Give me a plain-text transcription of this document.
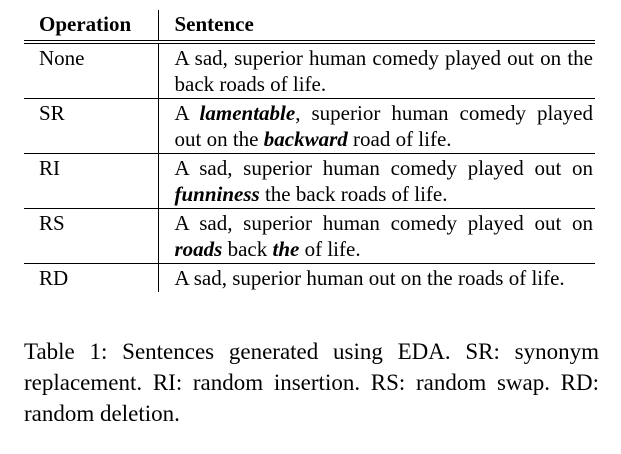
Operation	Sentence
None	A sad, superior human comedy played out on the back roads of life.
SR	A lamentable, superior human comedy played out on the backward road of life.
RI	A sad, superior human comedy played out on funniness the back roads of life.
RS	A sad, superior human comedy played out on roads back the of life.
RD	A sad, superior human out on the roads of life.
Table 1: Sentences generated using EDA. SR: synonym replacement. RI: random insertion. RS: random swap. RD: random deletion.
